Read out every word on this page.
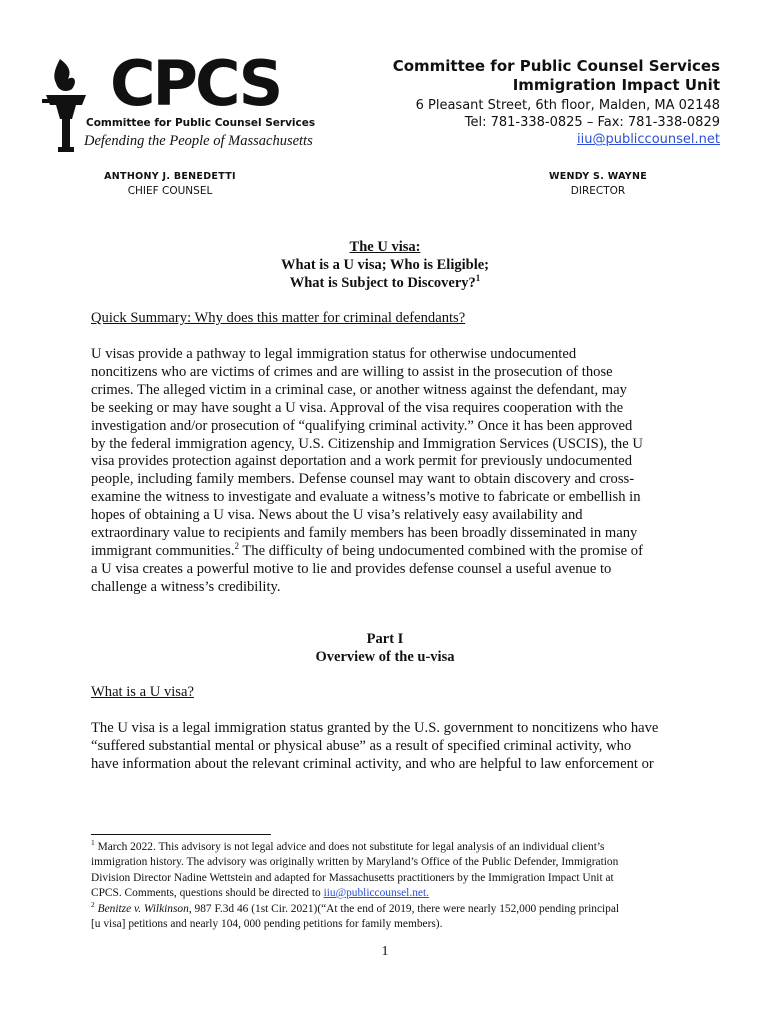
CPCS
Committee for Public Counsel Services
Defending the People of Massachusetts
Committee for Public Counsel Services
Immigration Impact Unit
6 Pleasant Street, 6th floor, Malden, MA 02148
Tel: 781-338-0825 – Fax: 781-338-0829
iiu@publiccounsel.net
ANTHONY J. BENEDETTI
CHIEF COUNSEL
WENDY S. WAYNE
DIRECTOR
The U visa:
What is a U visa; Who is Eligible;
What is Subject to Discovery?$^1$
Quick Summary: Why does this matter for criminal defendants?
U visas provide a pathway to legal immigration status for otherwise undocumented
noncitizens who are victims of crimes and are willing to assist in the prosecution of those
crimes. The alleged victim in a criminal case, or another witness against the defendant, may
be seeking or may have sought a U visa. Approval of the visa requires cooperation with the
investigation and/or prosecution of “qualifying criminal activity.” Once it has been approved
by the federal immigration agency, U.S. Citizenship and Immigration Services (USCIS), the U
visa provides protection against deportation and a work permit for previously undocumented
people, including family members. Defense counsel may want to obtain discovery and cross-
examine the witness to investigate and evaluate a witness’s motive to fabricate or embellish in
hopes of obtaining a U visa. News about the U visa’s relatively easy availability and
extraordinary value to recipients and family members has been broadly disseminated in many
immigrant communities.$^2$ The difficulty of being undocumented combined with the promise of
a U visa creates a powerful motive to lie and provides defense counsel a useful avenue to
challenge a witness’s credibility.
Part I
Overview of the u-visa
What is a U visa?
The U visa is a legal immigration status granted by the U.S. government to noncitizens who have
“suffered substantial mental or physical abuse” as a result of specified criminal activity, who
have information about the relevant criminal activity, and who are helpful to law enforcement or
$^1$ March 2022. This advisory is not legal advice and does not substitute for legal analysis of an individual client’s
immigration history. The advisory was originally written by Maryland’s Office of the Public Defender, Immigration
Division Director Nadine Wettstein and adapted for Massachusetts practitioners by the Immigration Impact Unit at
CPCS. Comments, questions should be directed to iiu@publiccounsel.net.
$^2$ Benitze v. Wilkinson, 987 F.3d 46 (1st Cir. 2021)(“At the end of 2019, there were nearly 152,000 pending principal
[u visa] petitions and nearly 104, 000 pending petitions for family members).
1
